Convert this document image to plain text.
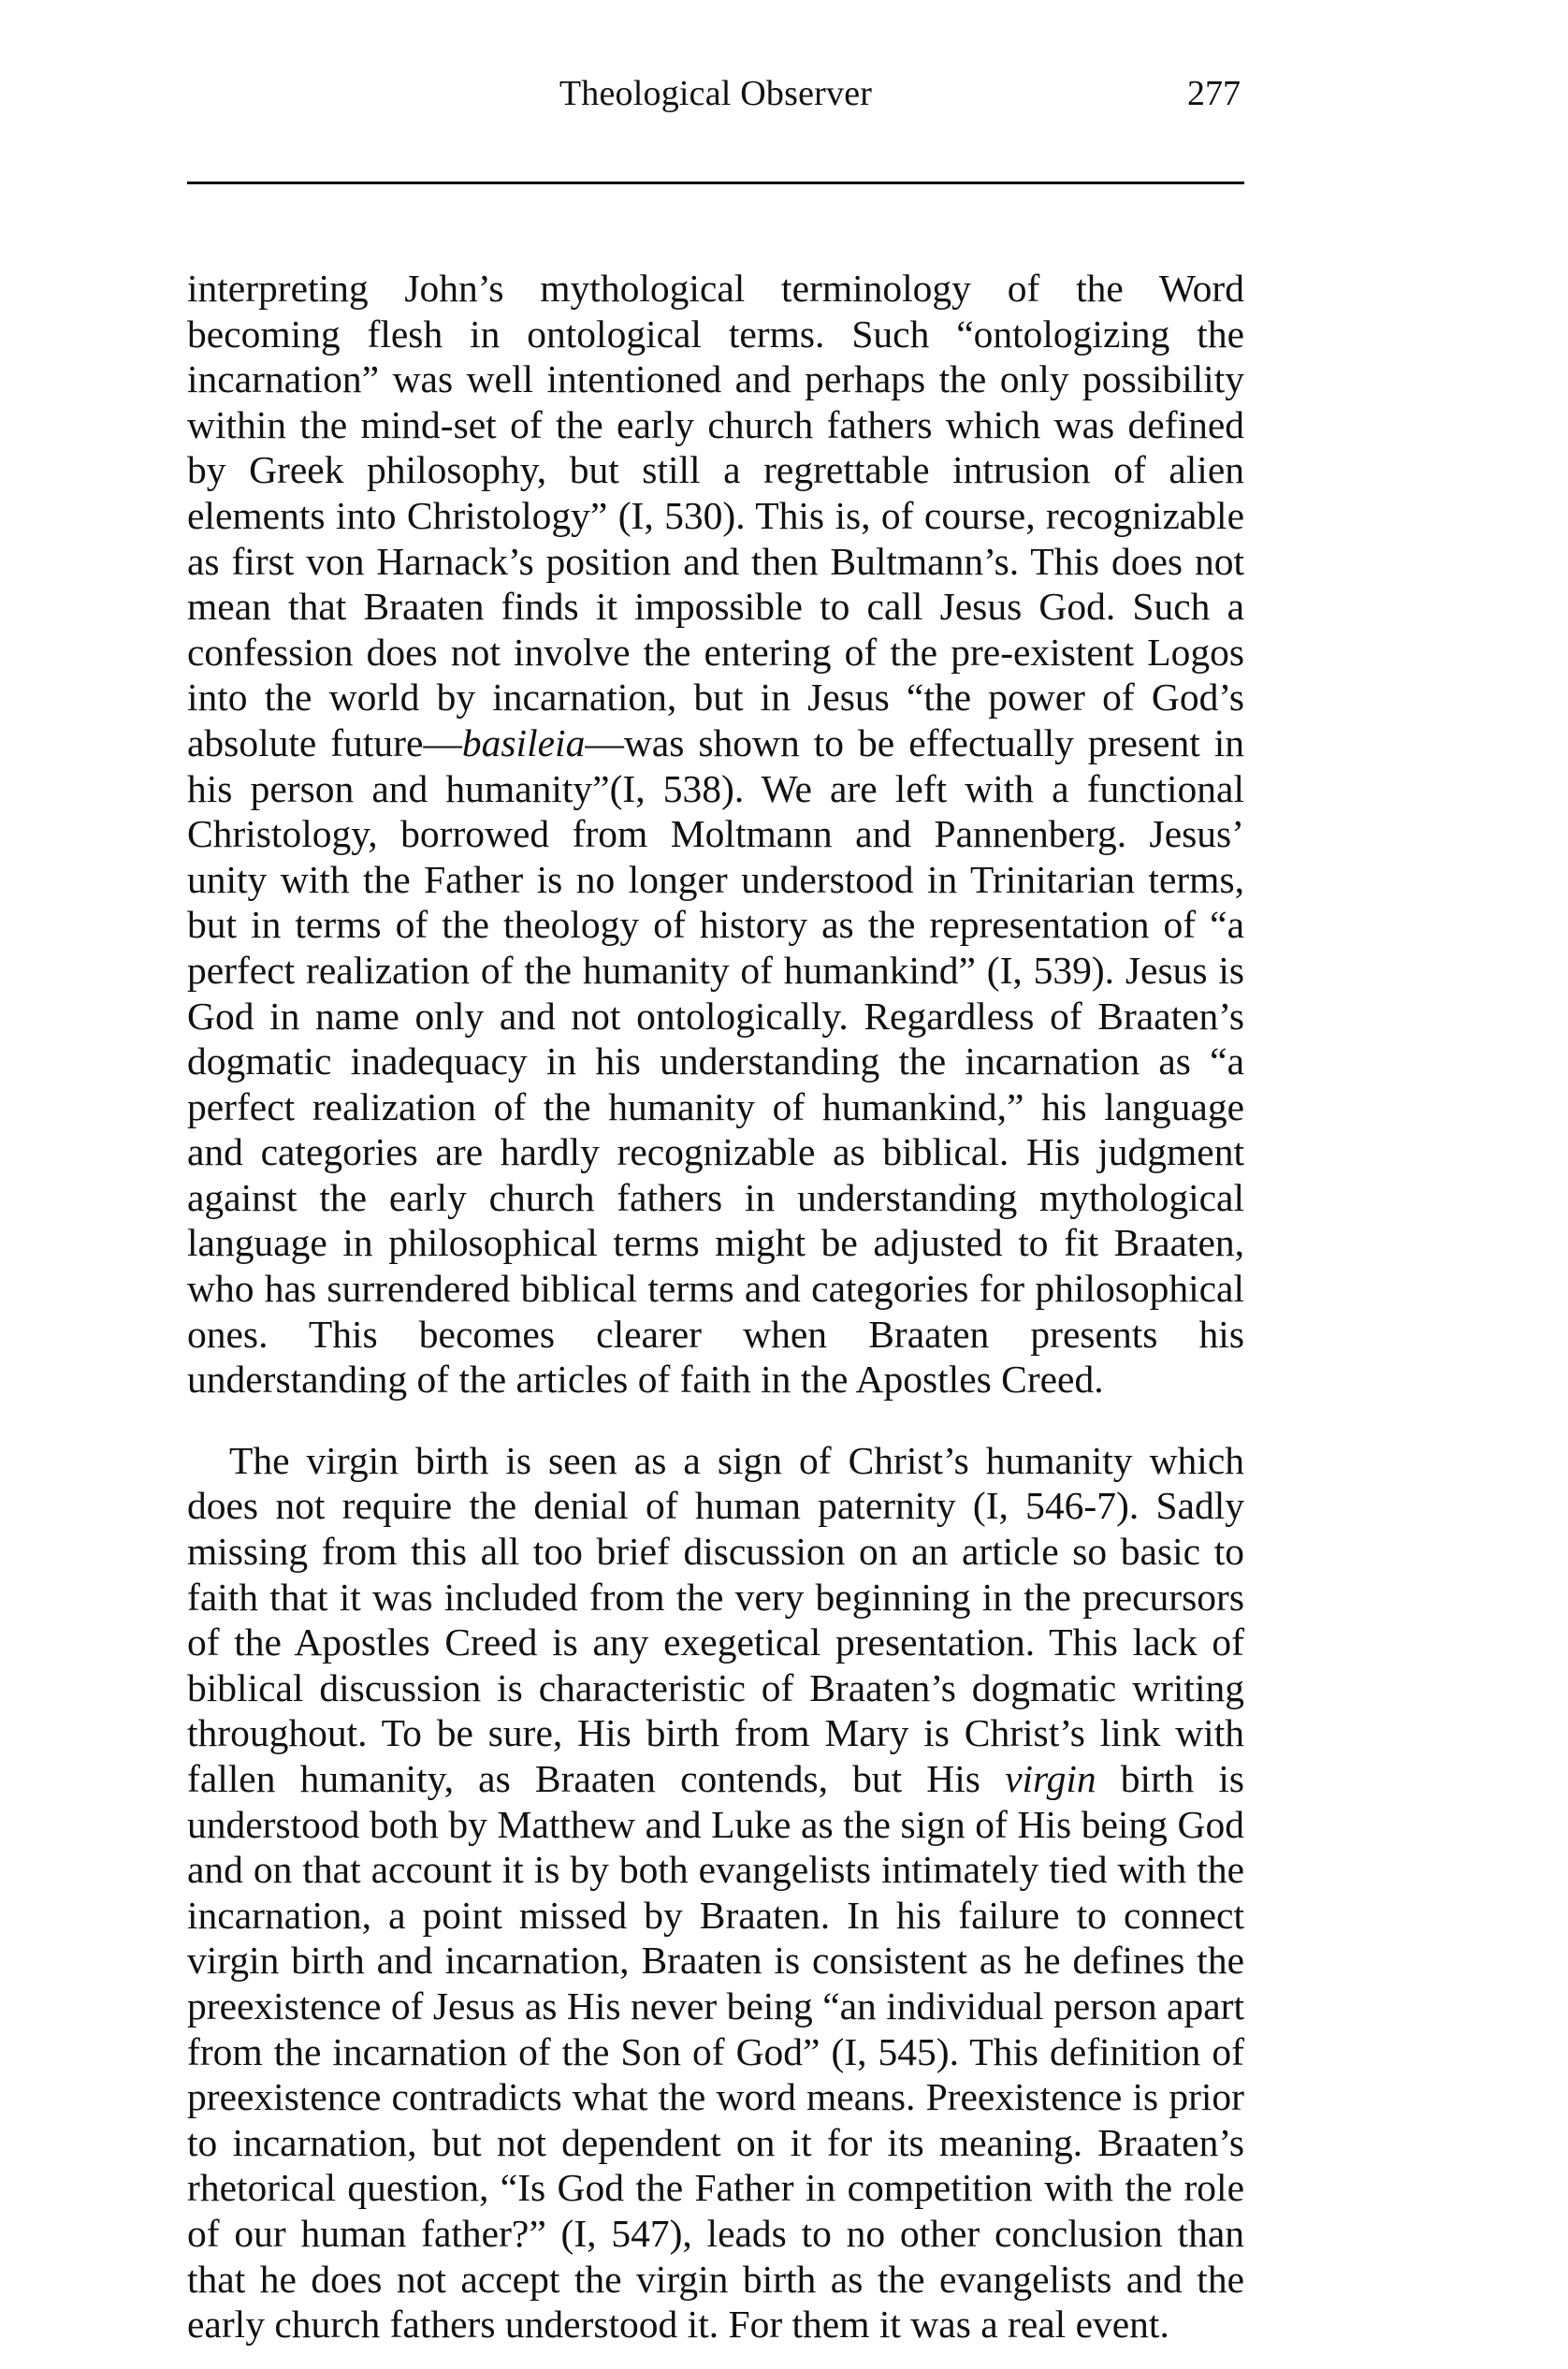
Theological Observer	277

interpreting John’s mythological terminology of the Word becoming flesh in ontological terms. Such “ontologizing the incarnation” was well intentioned and perhaps the only possibility within the mind-set of the early church fathers which was defined by Greek philosophy, but still a regrettable intrusion of alien elements into Christology” (I, 530). This is, of course, recognizable as first von Harnack’s position and then Bultmann’s. This does not mean that Braaten finds it impossible to call Jesus God. Such a confession does not involve the entering of the pre-existent Logos into the world by incarnation, but in Jesus “the power of God’s absolute future—basileia—was shown to be effectually present in his person and humanity”(I, 538). We are left with a functional Christology, borrowed from Moltmann and Pannenberg. Jesus’ unity with the Father is no longer understood in Trinitarian terms, but in terms of the theology of history as the representation of “a perfect realization of the humanity of humankind” (I, 539). Jesus is God in name only and not ontologically. Regardless of Braaten’s dogmatic inadequacy in his understanding the incarnation as “a perfect realization of the humanity of humankind,” his language and categories are hardly recognizable as biblical. His judgment against the early church fathers in understanding mythological language in philosophical terms might be adjusted to fit Braaten, who has surrendered biblical terms and categories for philosophical ones. This becomes clearer when Braaten presents his understanding of the articles of faith in the Apostles Creed.

The virgin birth is seen as a sign of Christ’s humanity which does not require the denial of human paternity (I, 546-7). Sadly missing from this all too brief discussion on an article so basic to faith that it was included from the very beginning in the precursors of the Apostles Creed is any exegetical presentation. This lack of biblical discussion is characteristic of Braaten’s dogmatic writing throughout. To be sure, His birth from Mary is Christ’s link with fallen humanity, as Braaten contends, but His virgin birth is understood both by Matthew and Luke as the sign of His being God and on that account it is by both evangelists intimately tied with the incarnation, a point missed by Braaten. In his failure to connect virgin birth and incarnation, Braaten is consistent as he defines the preexistence of Jesus as His never being “an individual person apart from the incarnation of the Son of God” (I, 545). This definition of preexistence contradicts what the word means. Preexistence is prior to incarnation, but not dependent on it for its meaning. Braaten’s rhetorical question, “Is God the Father in competition with the role of our human father?” (I, 547), leads to no other conclusion than that he does not accept the virgin birth as the evangelists and the early church fathers understood it. For them it was a real event.
